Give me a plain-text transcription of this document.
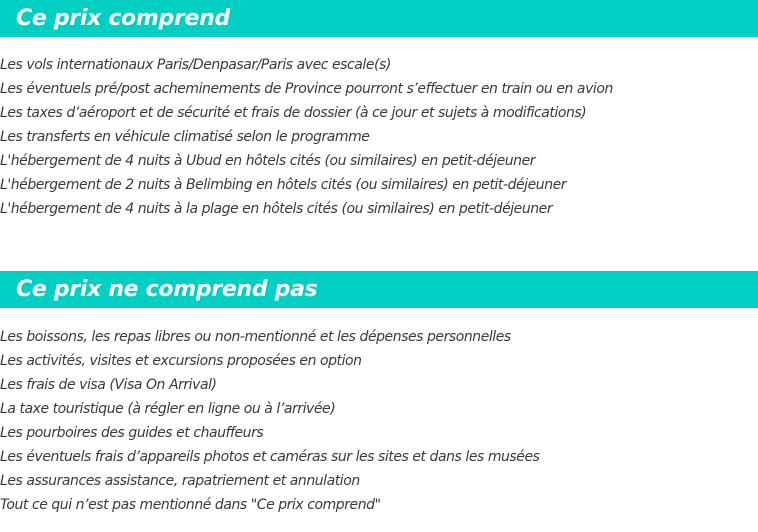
Ce prix comprend
Les vols internationaux Paris/Denpasar/Paris avec escale(s)
Les éventuels pré/post acheminements de Province pourront s’effectuer en train ou en avion
Les taxes d’aéroport et de sécurité et frais de dossier (à ce jour et sujets à modifications)
Les transferts en véhicule climatisé selon le programme
L'hébergement de 4 nuits à Ubud en hôtels cités (ou similaires) en petit-déjeuner
L'hébergement de 2 nuits à Belimbing en hôtels cités (ou similaires) en petit-déjeuner
L'hébergement de 4 nuits à la plage en hôtels cités (ou similaires) en petit-déjeuner
Ce prix ne comprend pas
Les boissons, les repas libres ou non-mentionné et les dépenses personnelles
Les activités, visites et excursions proposées en option
Les frais de visa (Visa On Arrival)
La taxe touristique (à régler en ligne ou à l’arrivée)
Les pourboires des guides et chauffeurs
Les éventuels frais d’appareils photos et caméras sur les sites et dans les musées
Les assurances assistance, rapatriement et annulation
Tout ce qui n’est pas mentionné dans "Ce prix comprend"
